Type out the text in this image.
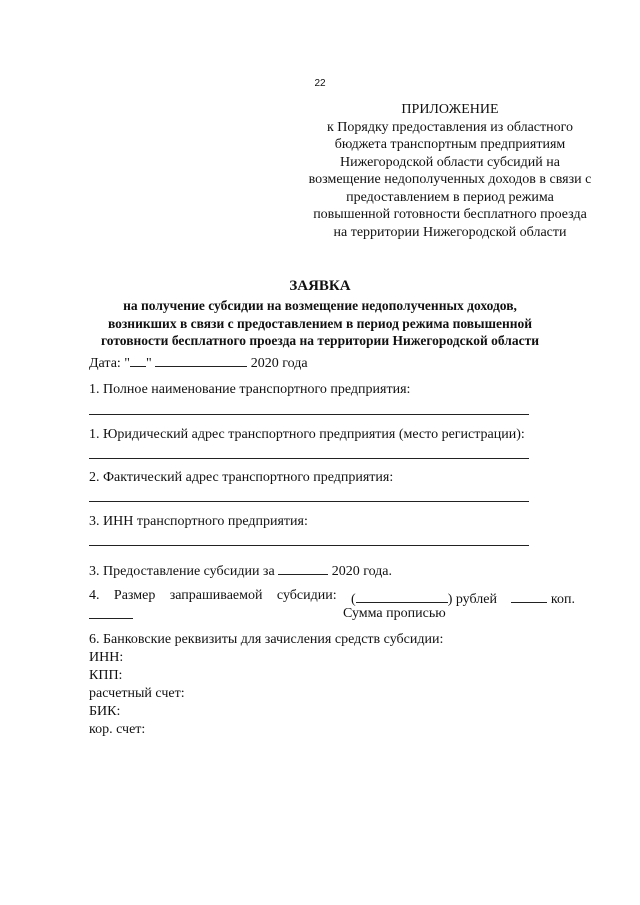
22
ПРИЛОЖЕНИЕ
к Порядку предоставления из областного
бюджета транспортным предприятиям
Нижегородской области субсидий на
возмещение недополученных доходов в связи с
предоставлением в период режима
повышенной готовности бесплатного проезда
на территории Нижегородской области
ЗАЯВКА
на получение субсидии на возмещение недополученных доходов,
возникших в связи с предоставлением в период режима повышенной
готовности бесплатного проезда на территории Нижегородской области
Дата: " "	2020 года
1. Полное наименование транспортного предприятия:
1. Юридический адрес транспортного предприятия (место регистрации):
2. Фактический адрес транспортного предприятия:
3. ИНН транспортного предприятия:
3. Предоставление субсидии за	2020 года.
4. Размер запрашиваемой субсидии: (	) рублей	коп.
Сумма прописью
6. Банковские реквизиты для зачисления средств субсидии:
ИНН:
КПП:
расчетный счет:
БИК:
кор. счет:
